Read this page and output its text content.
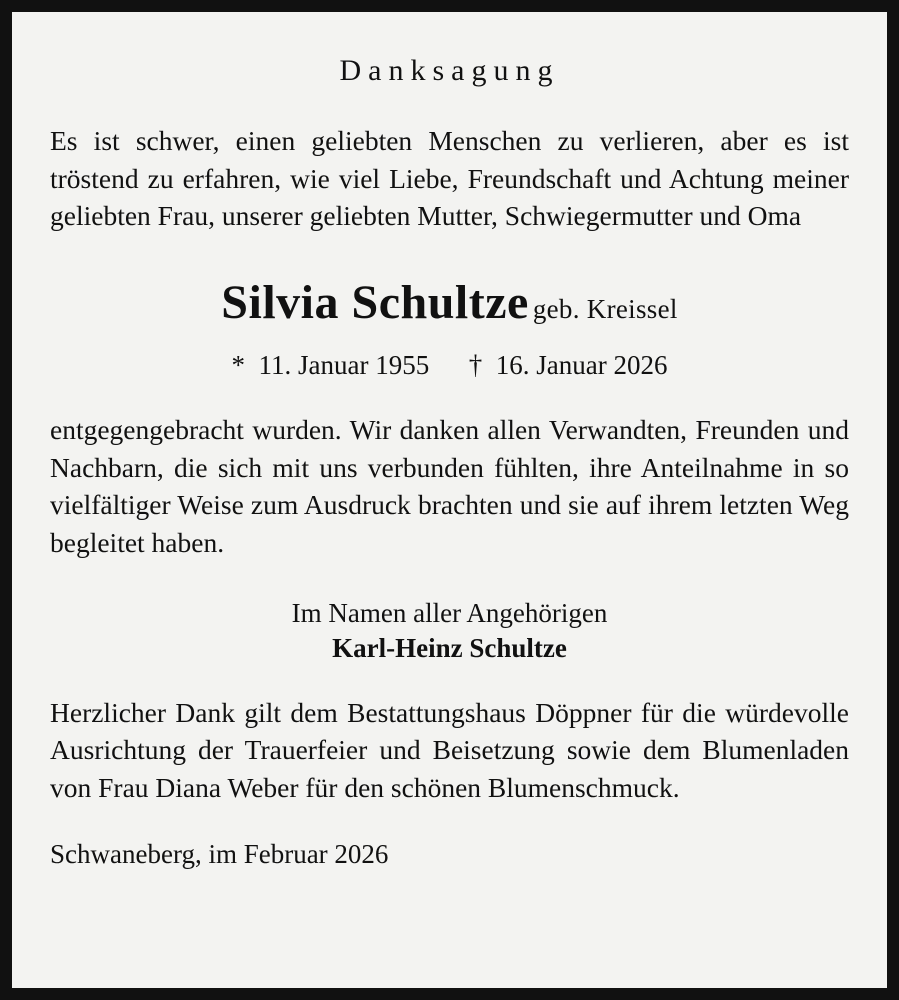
Danksagung

Es ist schwer, einen geliebten Menschen zu verlieren, aber es ist tröstend zu erfahren, wie viel Liebe, Freundschaft und Achtung meiner geliebten Frau, unserer geliebten Mutter, Schwiegermutter und Oma

Silvia Schultze geb. Kreissel
* 11. Januar 1955 † 16. Januar 2026

entgegengebracht wurden. Wir danken allen Verwandten, Freunden und Nachbarn, die sich mit uns verbunden fühlten, ihre Anteilnahme in so vielfältiger Weise zum Ausdruck brachten und sie auf ihrem letzten Weg begleitet haben.

Im Namen aller Angehörigen
Karl-Heinz Schultze

Herzlicher Dank gilt dem Bestattungshaus Döppner für die würdevolle Ausrichtung der Trauerfeier und Beisetzung sowie dem Blumenladen von Frau Diana Weber für den schönen Blumenschmuck.

Schwaneberg, im Februar 2026
